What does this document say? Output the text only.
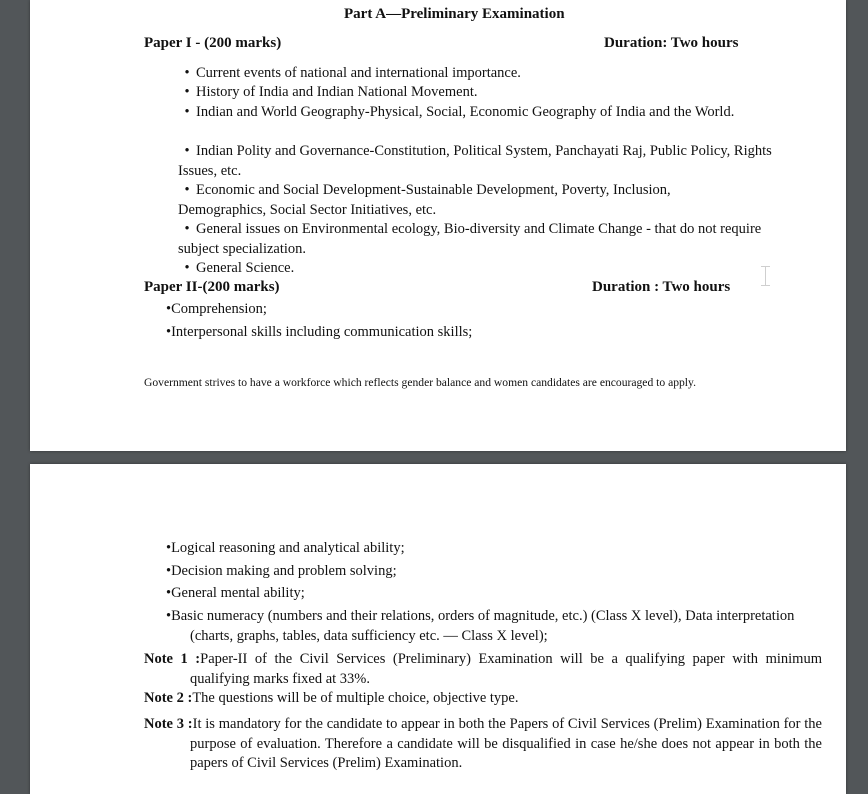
Part A—Preliminary Examination
Paper I - (200 marks)	Duration: Two hours
• Current events of national and international importance.
• History of India and Indian National Movement.
• Indian and World Geography-Physical, Social, Economic Geography of India and the World.
• Indian Polity and Governance-Constitution, Political System, Panchayati Raj, Public Policy, Rights Issues, etc.
• Economic and Social Development-Sustainable Development, Poverty, Inclusion, Demographics, Social Sector Initiatives, etc.
• General issues on Environmental ecology, Bio-diversity and Climate Change - that do not require subject specialization.
• General Science.
Paper II-(200 marks)	Duration : Two hours
•Comprehension;
•Interpersonal skills including communication skills;
Government strives to have a workforce which reflects gender balance and women candidates are encouraged to apply.
•Logical reasoning and analytical ability;
•Decision making and problem solving;
•General mental ability;
•Basic numeracy (numbers and their relations, orders of magnitude, etc.) (Class X level), Data interpretation (charts, graphs, tables, data sufficiency etc. — Class X level);
Note 1 :Paper-II of the Civil Services (Preliminary) Examination will be a qualifying paper with minimum qualifying marks fixed at 33%.
Note 2 :The questions will be of multiple choice, objective type.
Note 3 :It is mandatory for the candidate to appear in both the Papers of Civil Services (Prelim) Examination for the purpose of evaluation. Therefore a candidate will be disqualified in case he/she does not appear in both the papers of Civil Services (Prelim) Examination.
